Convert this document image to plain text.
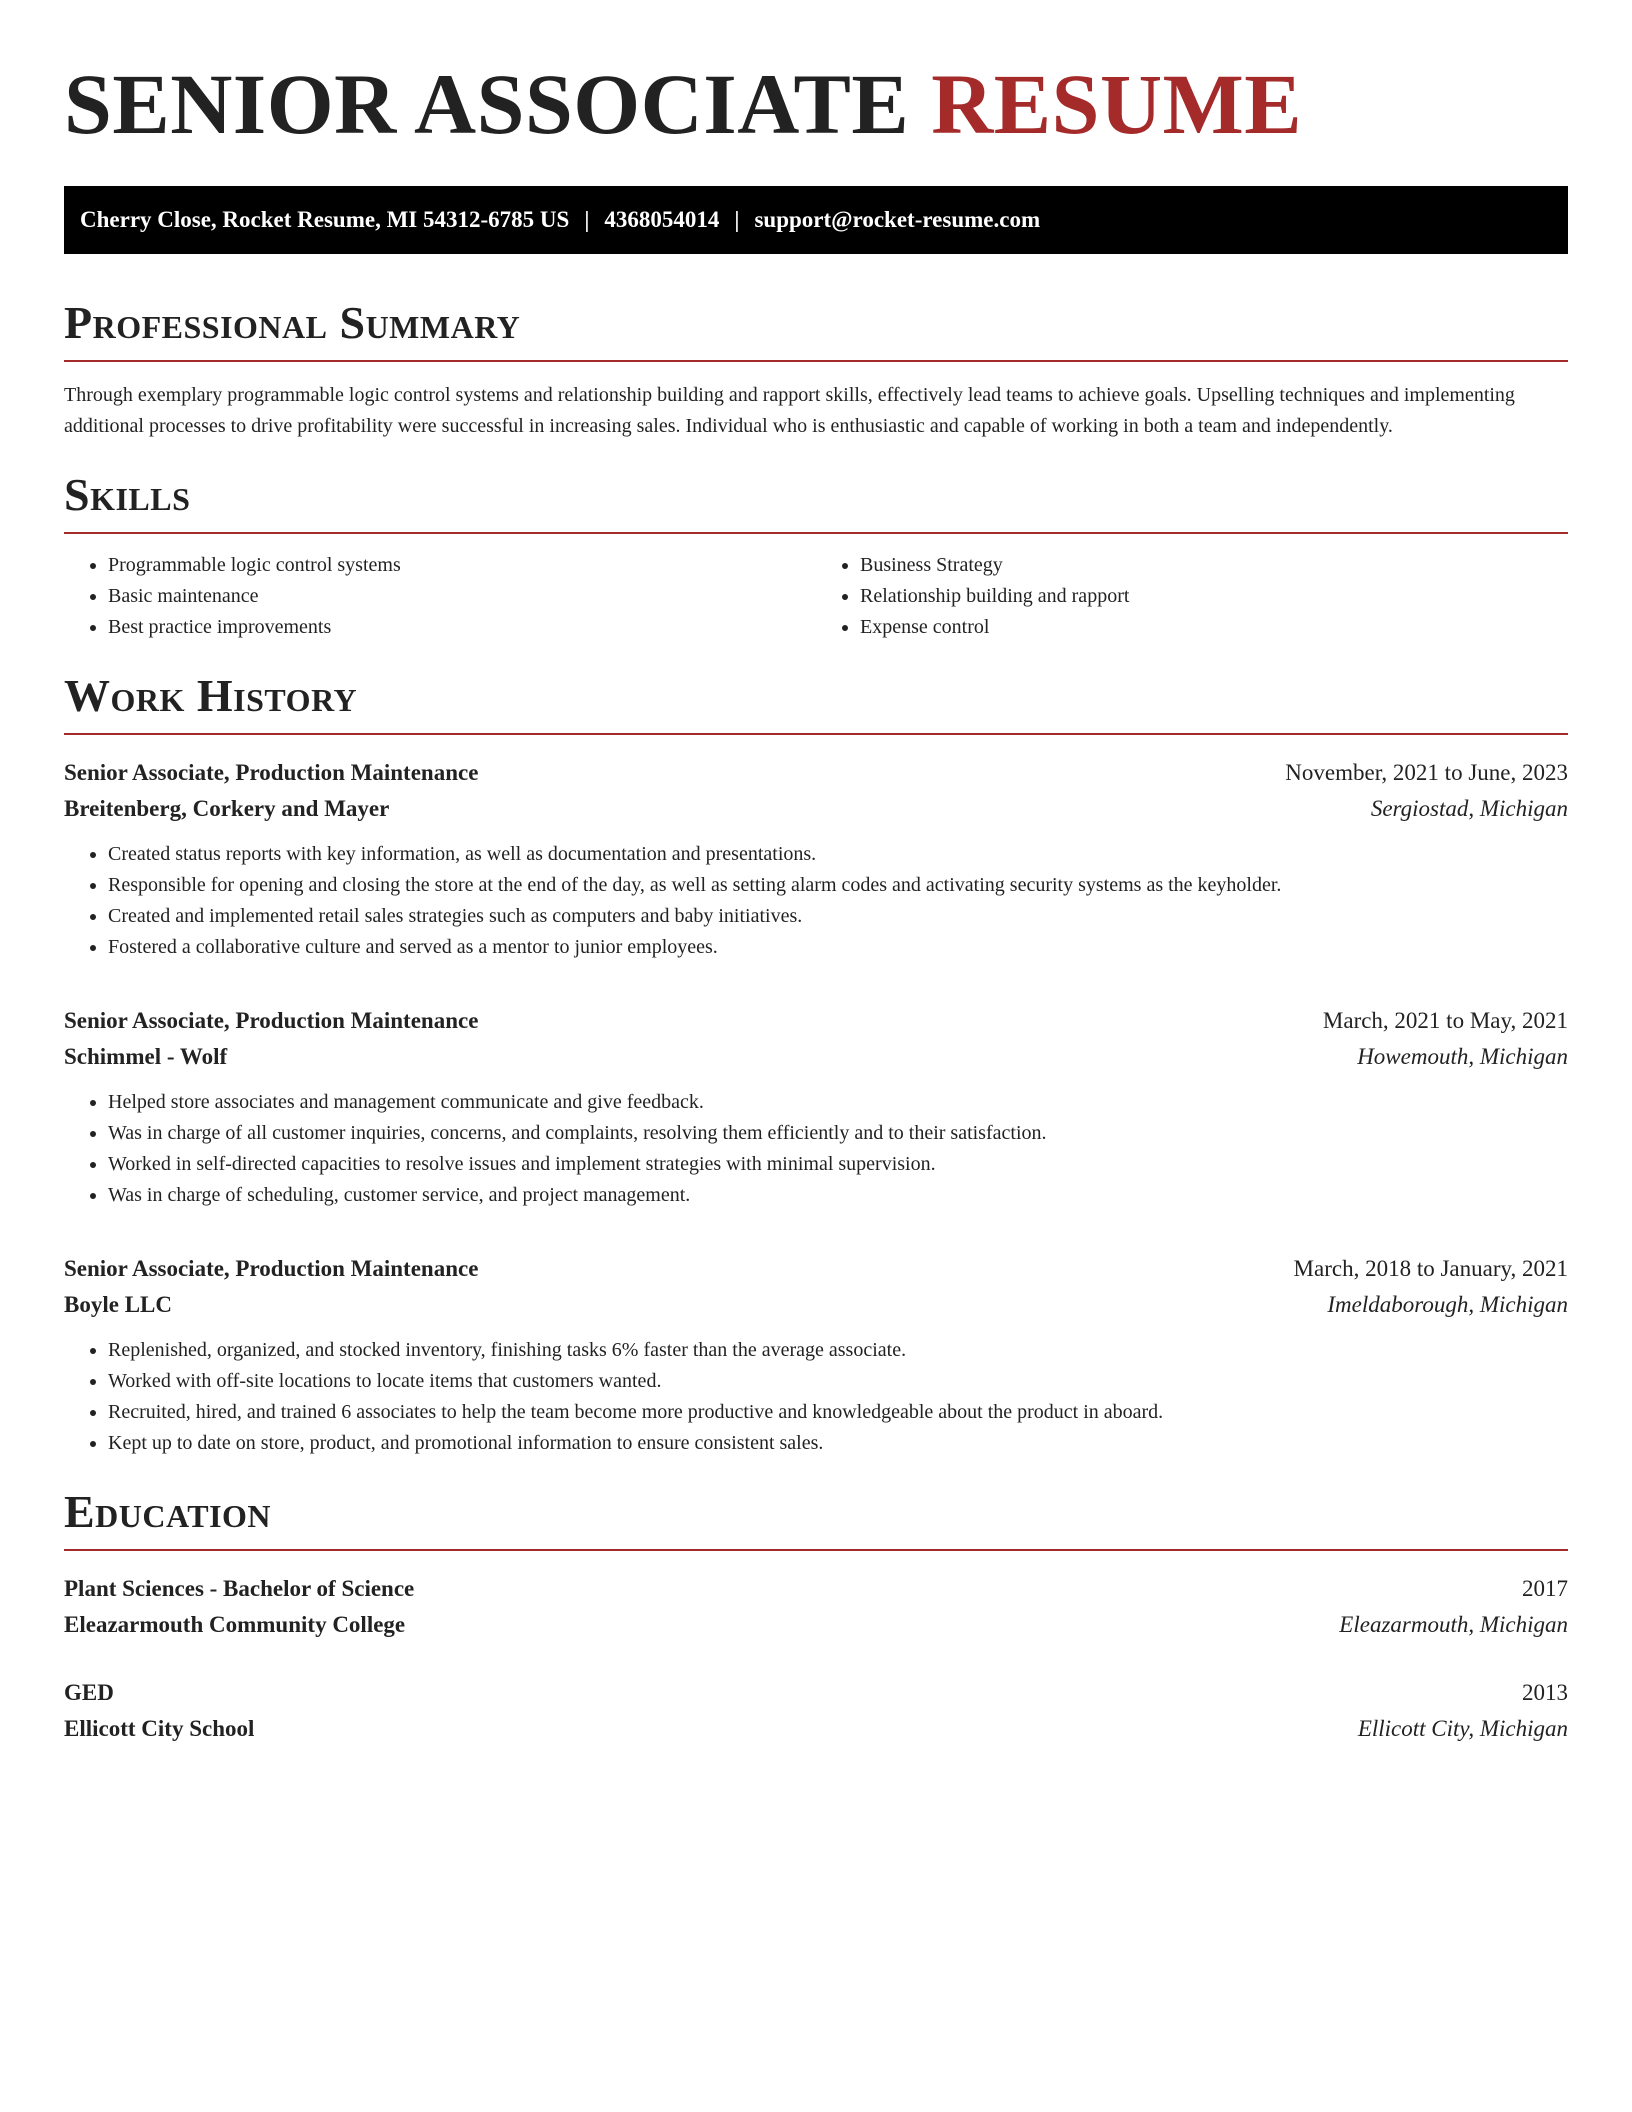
SENIOR ASSOCIATE RESUME
Cherry Close, Rocket Resume, MI 54312-6785 US | 4368054014 | support@rocket-resume.com
Professional Summary

Through exemplary programmable logic control systems and relationship building and rapport skills, effectively lead teams to achieve goals. Upselling techniques and implementing additional processes to drive profitability were successful in increasing sales. Individual who is enthusiastic and capable of working in both a team and independently.

Skills
• Programmable logic control systems
• Basic maintenance
• Best practice improvements
• Business Strategy
• Relationship building and rapport
• Expense control
Work History
Senior Associate, Production Maintenance	November, 2021 to June, 2023
Breitenberg, Corkery and Mayer	Sergiostad, Michigan
• Created status reports with key information, as well as documentation and presentations.
• Responsible for opening and closing the store at the end of the day, as well as setting alarm codes and activating security systems as the keyholder.
• Created and implemented retail sales strategies such as computers and baby initiatives.
• Fostered a collaborative culture and served as a mentor to junior employees.
Senior Associate, Production Maintenance	March, 2021 to May, 2021
Schimmel - Wolf	Howemouth, Michigan
• Helped store associates and management communicate and give feedback.
• Was in charge of all customer inquiries, concerns, and complaints, resolving them efficiently and to their satisfaction.
• Worked in self-directed capacities to resolve issues and implement strategies with minimal supervision.
• Was in charge of scheduling, customer service, and project management.
Senior Associate, Production Maintenance	March, 2018 to January, 2021
Boyle LLC	Imeldaborough, Michigan
• Replenished, organized, and stocked inventory, finishing tasks 6% faster than the average associate.
• Worked with off-site locations to locate items that customers wanted.
• Recruited, hired, and trained 6 associates to help the team become more productive and knowledgeable about the product in aboard.
• Kept up to date on store, product, and promotional information to ensure consistent sales.
Education
Plant Sciences - Bachelor of Science	2017
Eleazarmouth Community College	Eleazarmouth, Michigan
GED	2013
Ellicott City School	Ellicott City, Michigan
